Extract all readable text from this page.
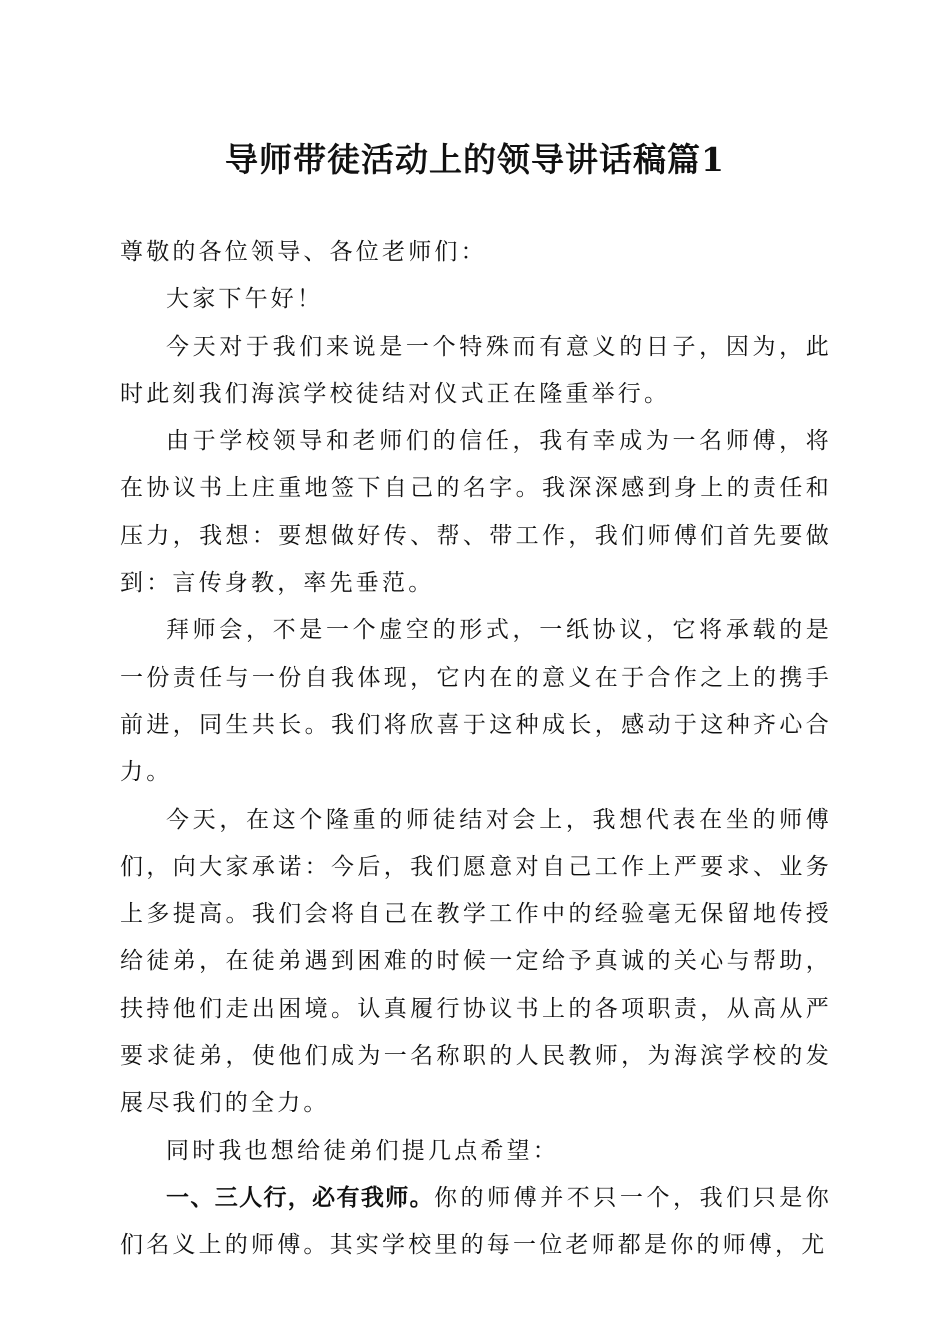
导师带徒活动上的领导讲话稿篇1

尊敬的各位领导、各位老师们：

大家下午好！

今天对于我们来说是一个特殊而有意义的日子，因为，此时此刻我们海滨学校徒结对仪式正在隆重举行。

由于学校领导和老师们的信任，我有幸成为一名师傅，将在协议书上庄重地签下自己的名字。我深深感到身上的责任和压力，我想：要想做好传、帮、带工作，我们师傅们首先要做到：言传身教，率先垂范。

拜师会，不是一个虚空的形式，一纸协议，它将承载的是一份责任与一份自我体现，它内在的意义在于合作之上的携手前进，同生共长。我们将欣喜于这种成长，感动于这种齐心合力。

今天，在这个隆重的师徒结对会上，我想代表在坐的师傅们，向大家承诺：今后，我们愿意对自己工作上严要求、业务上多提高。我们会将自己在教学工作中的经验毫无保留地传授给徒弟，在徒弟遇到困难的时候一定给予真诚的关心与帮助，扶持他们走出困境。认真履行协议书上的各项职责，从高从严要求徒弟，使他们成为一名称职的人民教师，为海滨学校的发展尽我们的全力。

同时我也想给徒弟们提几点希望：

一、三人行，必有我师。你的师傅并不只一个，我们只是你们名义上的师傅。其实学校里的每一位老师都是你的师傅，尤
